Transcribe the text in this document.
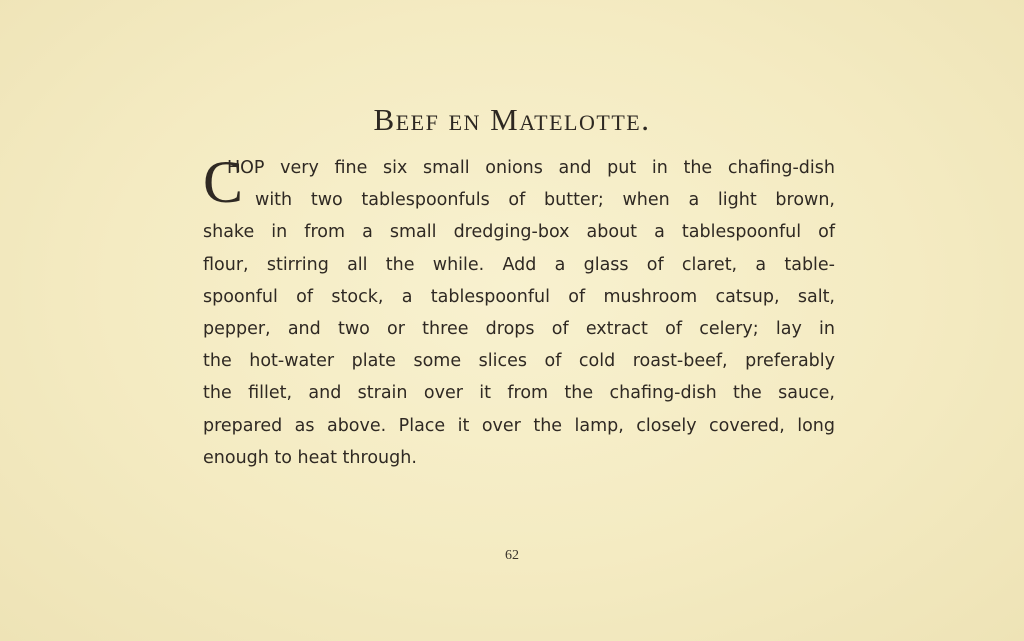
Beef en Matelotte.
C
HOP very fine six small onions and put in the chafing-dish
with two tablespoonfuls of butter; when a light brown,
shake in from a small dredging-box about a tablespoonful of
flour, stirring all the while. Add a glass of claret, a table-
spoonful of stock, a tablespoonful of mushroom catsup, salt,
pepper, and two or three drops of extract of celery; lay in
the hot-water plate some slices of cold roast-beef, preferably
the fillet, and strain over it from the chafing-dish the sauce,
prepared as above. Place it over the lamp, closely covered, long
enough to heat through.
62
